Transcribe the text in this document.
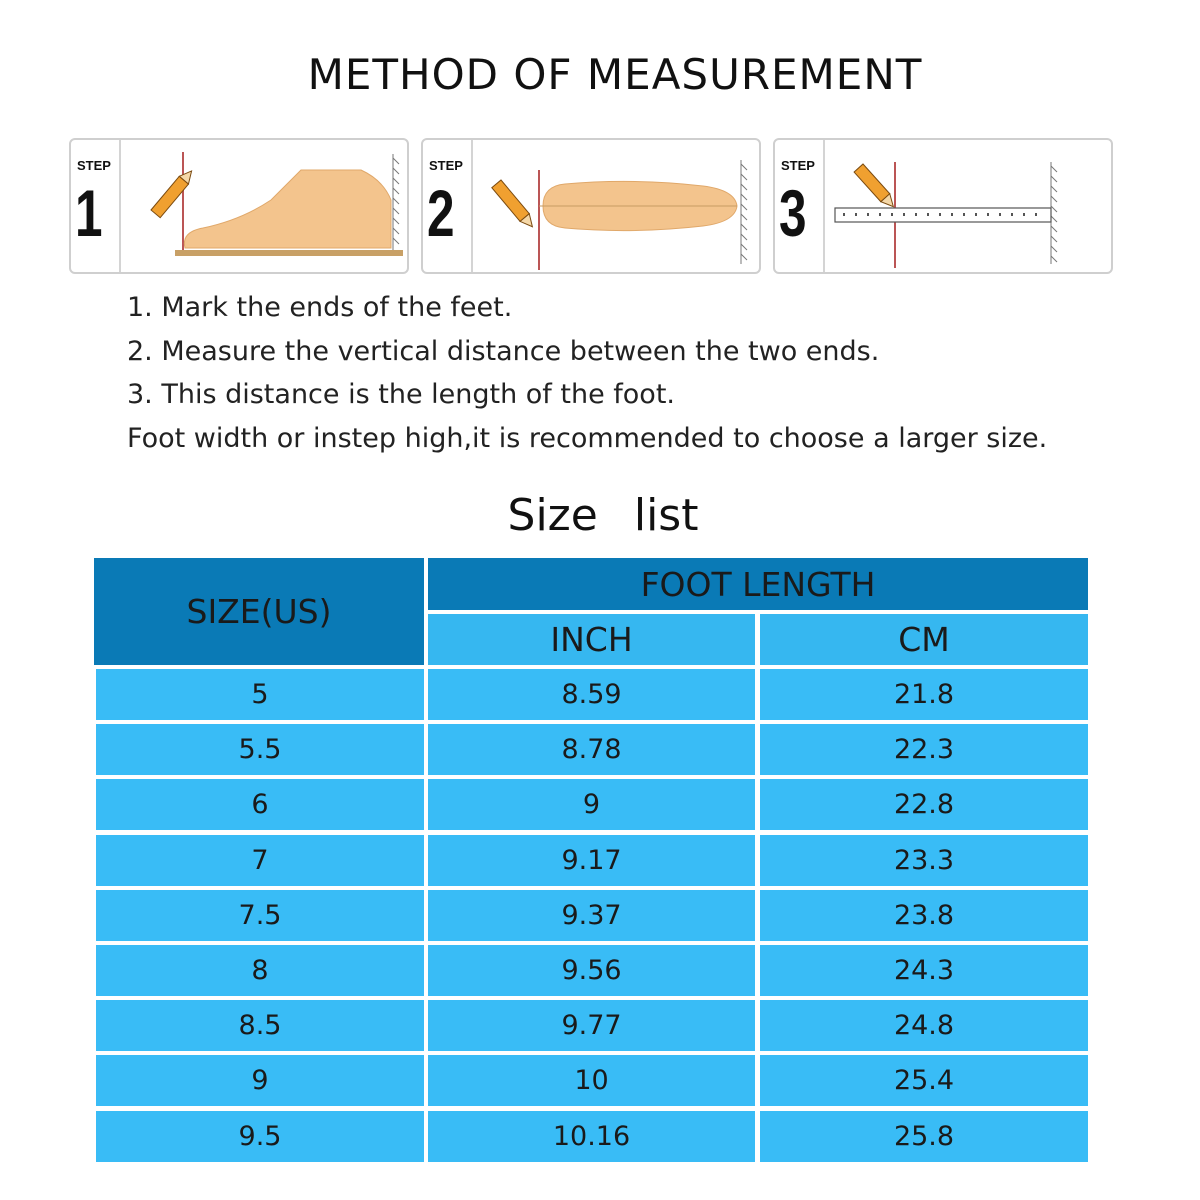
METHOD OF MEASUREMENT
STEP
1
STEP
2
STEP
3
1. Mark the ends of the feet.
2. Measure the vertical distance between the two ends.
3. This distance is the length of the foot.
Foot width or instep high,it is recommended to choose a larger size.
Size list
SIZE(US)
FOOT LENGTH
INCH	CM
5	8.59	21.8
5.5	8.78	22.3
6	9	22.8
7	9.17	23.3
7.5	9.37	23.8
8	9.56	24.3
8.5	9.77	24.8
9	10	25.4
9.5	10.16	25.8
